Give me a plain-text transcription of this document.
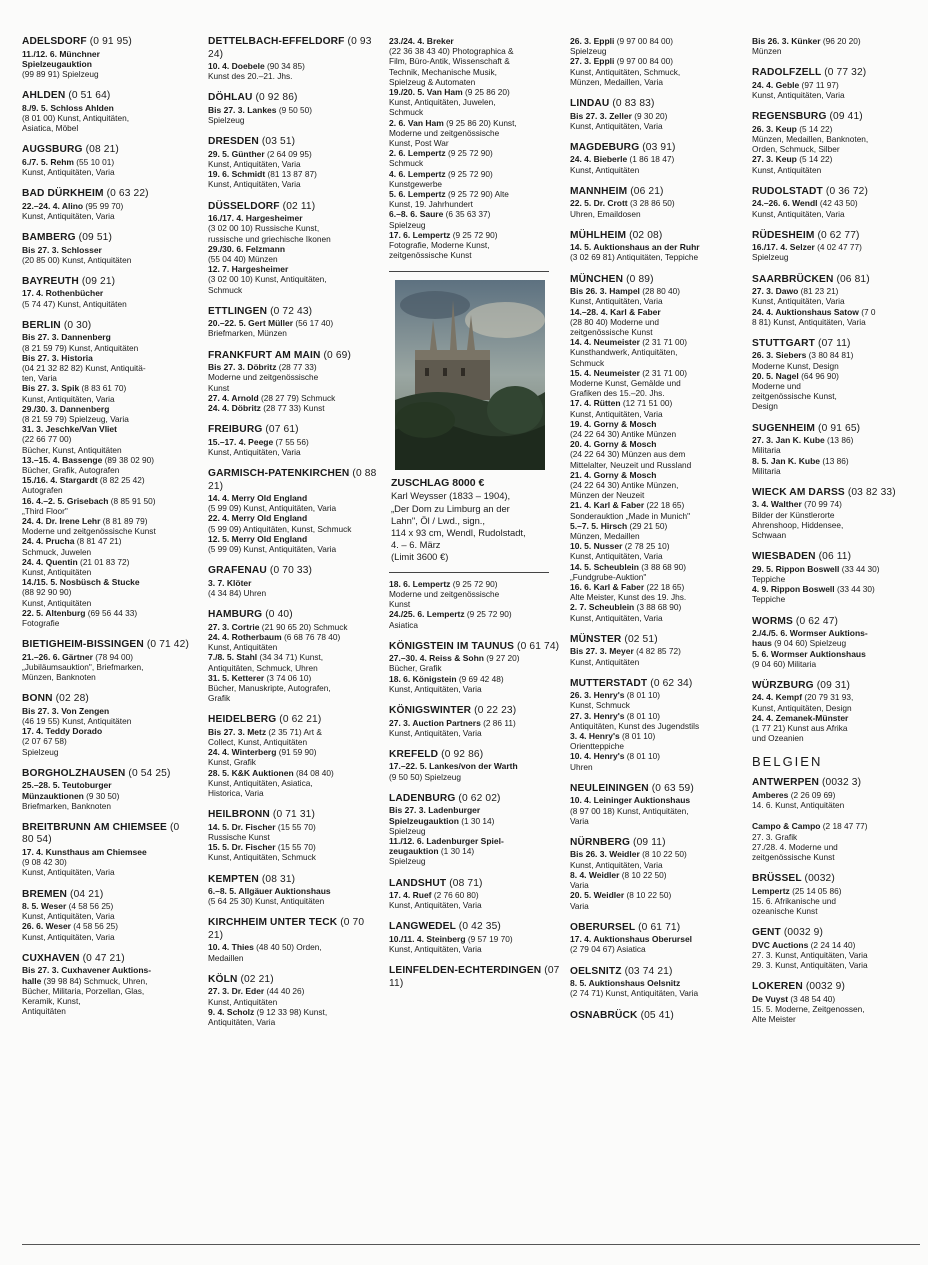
ADELSDORF (0 91 95)
11./12. 6. Münchner
Spielzeugauktion
(99 89 91) Spielzeug
AHLDEN (0 51 64)
8./9. 5. Schloss Ahlden
(8 01 00) Kunst, Antiquitäten,
Asiatica, Möbel
AUGSBURG (08 21)
6./7. 5. Rehm (55 10 01)
Kunst, Antiquitäten, Varia
BAD DÜRKHEIM (0 63 22)
22.–24. 4. Alino (95 99 70)
Kunst, Antiquitäten, Varia
BAMBERG (09 51)
Bis 27. 3. Schlosser
(20 85 00) Kunst, Antiquitäten
BAYREUTH (09 21)
17. 4. Rothenbücher
(5 74 47) Kunst, Antiquitäten
BERLIN (0 30)
Bis 27. 3. Dannenberg
(8 21 59 79) Kunst, Antiquitäten
Bis 27. 3. Historia
(04 21 32 82 82) Kunst, Antiquitä-
ten, Varia
Bis 27. 3. Spik (8 83 61 70)
Kunst, Antiquitäten, Varia
29./30. 3. Dannenberg
(8 21 59 79) Spielzeug, Varia
31. 3. Jeschke/Van Vliet
(22 66 77 00)
Bücher, Kunst, Antiquitäten
13.–15. 4. Bassenge (89 38 02 90)
Bücher, Grafik, Autografen
15./16. 4. Stargardt (8 82 25 42)
Autografen
16. 4.–2. 5. Grisebach (8 85 91 50)
„Third Floor"
24. 4. Dr. Irene Lehr (8 81 89 79)
Moderne und zeitgenössische Kunst
24. 4. Prucha (8 81 47 21)
Schmuck, Juwelen
24. 4. Quentin (21 01 83 72)
Kunst, Antiquitäten
14./15. 5. Nosbüsch & Stucke
(88 92 90 90)
Kunst, Antiquitäten
22. 5. Altenburg (69 56 44 33)
Fotografie
BIETIGHEIM-BISSINGEN (0 71 42)
21.–26. 6. Gärtner (78 94 00)
„Jubiläumsauktion", Briefmarken,
Münzen, Banknoten
BONN (02 28)
Bis 27. 3. Von Zengen
(46 19 55) Kunst, Antiquitäten
17. 4. Teddy Dorado
(2 07 67 58)
Spielzeug
BORGHOLZHAUSEN (0 54 25)
25.–28. 5. Teutoburger
Münzauktionen (9 30 50)
Briefmarken, Banknoten
BREITBRUNN AM CHIEMSEE (0 80 54)
17. 4. Kunsthaus am Chiemsee
(9 08 42 30)
Kunst, Antiquitäten, Varia
BREMEN (04 21)
8. 5. Weser (4 58 56 25)
Kunst, Antiquitäten, Varia
26. 6. Weser (4 58 56 25)
Kunst, Antiquitäten, Varia
CUXHAVEN (0 47 21)
Bis 27. 3. Cuxhavener Auktions-
halle (39 98 84) Schmuck, Uhren,
Bücher, Militaria, Porzellan, Glas,
Keramik, Kunst,
Antiquitäten
DETTELBACH-EFFELDORF (0 93 24)
10. 4. Doebele (90 34 85)
Kunst des 20.–21. Jhs.
DÖHLAU (0 92 86)
Bis 27. 3. Lankes (9 50 50)
Spielzeug
DRESDEN (03 51)
29. 5. Günther (2 64 09 95)
Kunst, Antiquitäten, Varia
19. 6. Schmidt (81 13 87 87)
Kunst, Antiquitäten, Varia
DÜSSELDORF (02 11)
16./17. 4. Hargesheimer
(3 02 00 10) Russische Kunst,
russische und griechische Ikonen
29./30. 6. Felzmann
(55 04 40) Münzen
12. 7. Hargesheimer
(3 02 00 10) Kunst, Antiquitäten,
Schmuck
ETTLINGEN (0 72 43)
20.–22. 5. Gert Müller (56 17 40)
Briefmarken, Münzen
FRANKFURT AM MAIN (0 69)
Bis 27. 3. Döbritz (28 77 33)
Moderne und zeitgenössische
Kunst
27. 4. Arnold (28 27 79) Schmuck
24. 4. Döbritz (28 77 33) Kunst
FREIBURG (07 61)
15.–17. 4. Peege (7 55 56)
Kunst, Antiquitäten, Varia
GARMISCH-PATENKIRCHEN (0 88 21)
14. 4. Merry Old England
(5 99 09) Kunst, Antiquitäten, Varia
22. 4. Merry Old England
(5 99 09) Antiquitäten, Kunst, Schmuck
12. 5. Merry Old England
(5 99 09) Kunst, Antiquitäten, Varia
GRAFENAU (0 70 33)
3. 7. Klöter
(4 34 84) Uhren
HAMBURG (0 40)
27. 3. Cortrie (21 90 65 20) Schmuck
24. 4. Rotherbaum (6 68 76 78 40)
Kunst, Antiquitäten
7./8. 5. Stahl (34 34 71) Kunst,
Antiquitäten, Schmuck, Uhren
31. 5. Ketterer (3 74 06 10)
Bücher, Manuskripte, Autografen,
Grafik
HEIDELBERG (0 62 21)
Bis 27. 3. Metz (2 35 71) Art &
Collect, Kunst, Antiquitäten
24. 4. Winterberg (91 59 90)
Kunst, Grafik
28. 5. K&K Auktionen (84 08 40)
Kunst, Antiquitäten, Asiatica,
Historica, Varia
HEILBRONN (0 71 31)
14. 5. Dr. Fischer (15 55 70)
Russische Kunst
15. 5. Dr. Fischer (15 55 70)
Kunst, Antiquitäten, Schmuck
KEMPTEN (08 31)
6.–8. 5. Allgäuer Auktionshaus
(5 64 25 30) Kunst, Antiquitäten
KIRCHHEIM UNTER TECK (0 70 21)
10. 4. Thies (48 40 50) Orden,
Medaillen
KÖLN (02 21)
27. 3. Dr. Eder (44 40 26)
Kunst, Antiquitäten
9. 4. Scholz (9 12 33 98) Kunst,
Antiquitäten, Varia
23./24. 4. Breker
(22 36 38 43 40) Photographica &
Film, Büro-Antik, Wissenschaft &
Technik, Mechanische Musik,
Spielzeug & Automaten
19./20. 5. Van Ham (9 25 86 20)
Kunst, Antiquitäten, Juwelen,
Schmuck
2. 6. Van Ham (9 25 86 20) Kunst,
Moderne und zeitgenössische
Kunst, Post War
2. 6. Lempertz (9 25 72 90)
Schmuck
4. 6. Lempertz (9 25 72 90)
Kunstgewerbe
5. 6. Lempertz (9 25 72 90) Alte
Kunst, 19. Jahrhundert
6.–8. 6. Saure (6 35 63 37)
Spielzeug
17. 6. Lempertz (9 25 72 90)
Fotografie, Moderne Kunst,
zeitgenössische Kunst
ZUSCHLAG 8000 €
Karl Weysser (1833 – 1904),
„Der Dom zu Limburg an der
Lahn", Öl / Lwd., sign.,
114 x 93 cm, Wendl, Rudolstadt,
4. – 6. März
(Limit 3600 €)
18. 6. Lempertz (9 25 72 90)
Moderne und zeitgenössische
Kunst
24./25. 6. Lempertz (9 25 72 90)
Asiatica
KÖNIGSTEIN IM TAUNUS (0 61 74)
27.–30. 4. Reiss & Sohn (9 27 20)
Bücher, Grafik
18. 6. Königstein (9 69 42 48)
Kunst, Antiquitäten, Varia
KÖNIGSWINTER (0 22 23)
27. 3. Auction Partners (2 86 11)
Kunst, Antiquitäten, Varia
KREFELD (0 92 86)
17.–22. 5. Lankes/von der Warth
(9 50 50) Spielzeug
LADENBURG (0 62 02)
Bis 27. 3. Ladenburger
Spielzeugauktion (1 30 14)
Spielzeug
11./12. 6. Ladenburger Spiel-
zeugauktion (1 30 14)
Spielzeug
LANDSHUT (08 71)
17. 4. Ruef (2 76 60 80)
Kunst, Antiquitäten, Varia
LANGWEDEL (0 42 35)
10./11. 4. Steinberg (9 57 19 70)
Kunst, Antiquitäten, Varia
LEINFELDEN-ECHTERDINGEN (07 11)
26. 3. Eppli (9 97 00 84 00)
Spielzeug
27. 3. Eppli (9 97 00 84 00)
Kunst, Antiquitäten, Schmuck,
Münzen, Medaillen, Varia
LINDAU (0 83 83)
Bis 27. 3. Zeller (9 30 20)
Kunst, Antiquitäten, Varia
MAGDEBURG (03 91)
24. 4. Bieberle (1 86 18 47)
Kunst, Antiquitäten
MANNHEIM (06 21)
22. 5. Dr. Crott (3 28 86 50)
Uhren, Emaildosen
MÜHLHEIM (02 08)
14. 5. Auktionshaus an der Ruhr
(3 02 69 81) Antiquitäten, Teppiche
MÜNCHEN (0 89)
Bis 26. 3. Hampel (28 80 40)
Kunst, Antiquitäten, Varia
14.–28. 4. Karl & Faber
(28 80 40) Moderne und
zeitgenössische Kunst
14. 4. Neumeister (2 31 71 00)
Kunsthandwerk, Antiquitäten,
Schmuck
15. 4. Neumeister (2 31 71 00)
Moderne Kunst, Gemälde und
Grafiken des 15.–20. Jhs.
17. 4. Rütten (12 71 51 00)
Kunst, Antiquitäten, Varia
19. 4. Gorny & Mosch
(24 22 64 30) Antike Münzen
20. 4. Gorny & Mosch
(24 22 64 30) Münzen aus dem
Mittelalter, Neuzeit und Russland
21. 4. Gorny & Mosch
(24 22 64 30) Antike Münzen,
Münzen der Neuzeit
21. 4. Karl & Faber (22 18 65)
Sonderauktion „Made in Munich"
5.–7. 5. Hirsch (29 21 50)
Münzen, Medaillen
10. 5. Nusser (2 78 25 10)
Kunst, Antiquitäten, Varia
14. 5. Scheublein (3 88 68 90)
„Fundgrube-Auktion"
16. 6. Karl & Faber (22 18 65)
Alte Meister, Kunst des 19. Jhs.
2. 7. Scheublein (3 88 68 90)
Kunst, Antiquitäten, Varia
MÜNSTER (02 51)
Bis 27. 3. Meyer (4 82 85 72)
Kunst, Antiquitäten
MUTTERSTADT (0 62 34)
26. 3. Henry's (8 01 10)
Kunst, Schmuck
27. 3. Henry's (8 01 10)
Antiquitäten, Kunst des Jugendstils
3. 4. Henry's (8 01 10)
Orientteppiche
10. 4. Henry's (8 01 10)
Uhren
NEULEININGEN (0 63 59)
10. 4. Leininger Auktionshaus
(8 97 00 18) Kunst, Antiquitäten,
Varia
NÜRNBERG (09 11)
Bis 26. 3. Weidler (8 10 22 50)
Kunst, Antiquitäten, Varia
8. 4. Weidler (8 10 22 50)
Varia
20. 5. Weidler (8 10 22 50)
Varia
OBERURSEL (0 61 71)
17. 4. Auktionshaus Oberursel
(2 79 04 67) Asiatica
OELSNITZ (03 74 21)
8. 5. Auktionshaus Oelsnitz
(2 74 71) Kunst, Antiquitäten, Varia
OSNABRÜCK (05 41)
Bis 26. 3. Künker (96 20 20)
Münzen
RADOLFZELL (0 77 32)
24. 4. Geble (97 11 97)
Kunst, Antiquitäten, Varia
REGENSBURG (09 41)
26. 3. Keup (5 14 22)
Münzen, Medaillen, Banknoten,
Orden, Schmuck, Silber
27. 3. Keup (5 14 22)
Kunst, Antiquitäten
RUDOLSTADT (0 36 72)
24.–26. 6. Wendl (42 43 50)
Kunst, Antiquitäten, Varia
RÜDESHEIM (0 62 77)
16./17. 4. Selzer (4 02 47 77)
Spielzeug
SAARBRÜCKEN (06 81)
27. 3. Dawo (81 23 21)
Kunst, Antiquitäten, Varia
24. 4. Auktionshaus Satow (7 0
8 81) Kunst, Antiquitäten, Varia
STUTTGART (07 11)
26. 3. Siebers (3 80 84 81)
Moderne Kunst, Design
20. 5. Nagel (64 96 90)
Moderne und
zeitgenössische Kunst,
Design
SUGENHEIM (0 91 65)
27. 3. Jan K. Kube (13 86)
Militaria
8. 5. Jan K. Kube (13 86)
Militaria
WIECK AM DARSS (03 82 33)
3. 4. Walther (70 99 74)
Bilder der Künstlerorte
Ahrenshoop, Hiddensee,
Schwaan
WIESBADEN (06 11)
29. 5. Rippon Boswell (33 44 30)
Teppiche
4. 9. Rippon Boswell (33 44 30)
Teppiche
WORMS (0 62 47)
2./4./5. 6. Wormser Auktions-
haus (9 04 60) Spielzeug
5. 6. Wormser Auktionshaus
(9 04 60) Militaria
WÜRZBURG (09 31)
24. 4. Kempf (20 79 31 93,
Kunst, Antiquitäten, Design
24. 4. Zemanek-Münster
(1 77 21) Kunst aus Afrika
und Ozeanien
BELGIEN
ANTWERPEN (0032 3)
Amberes (2 26 09 69)
14. 6. Kunst, Antiquitäten
Campo & Campo (2 18 47 77)
27. 3. Grafik
27./28. 4. Moderne und
zeitgenössische Kunst
BRÜSSEL (0032)
Lempertz (25 14 05 86)
15. 6. Afrikanische und
ozeanische Kunst
GENT (0032 9)
DVC Auctions (2 24 14 40)
27. 3. Kunst, Antiquitäten, Varia
29. 3. Kunst, Antiquitäten, Varia
LOKEREN (0032 9)
De Vuyst (3 48 54 40)
15. 5. Moderne, Zeitgenossen,
Alte Meister
